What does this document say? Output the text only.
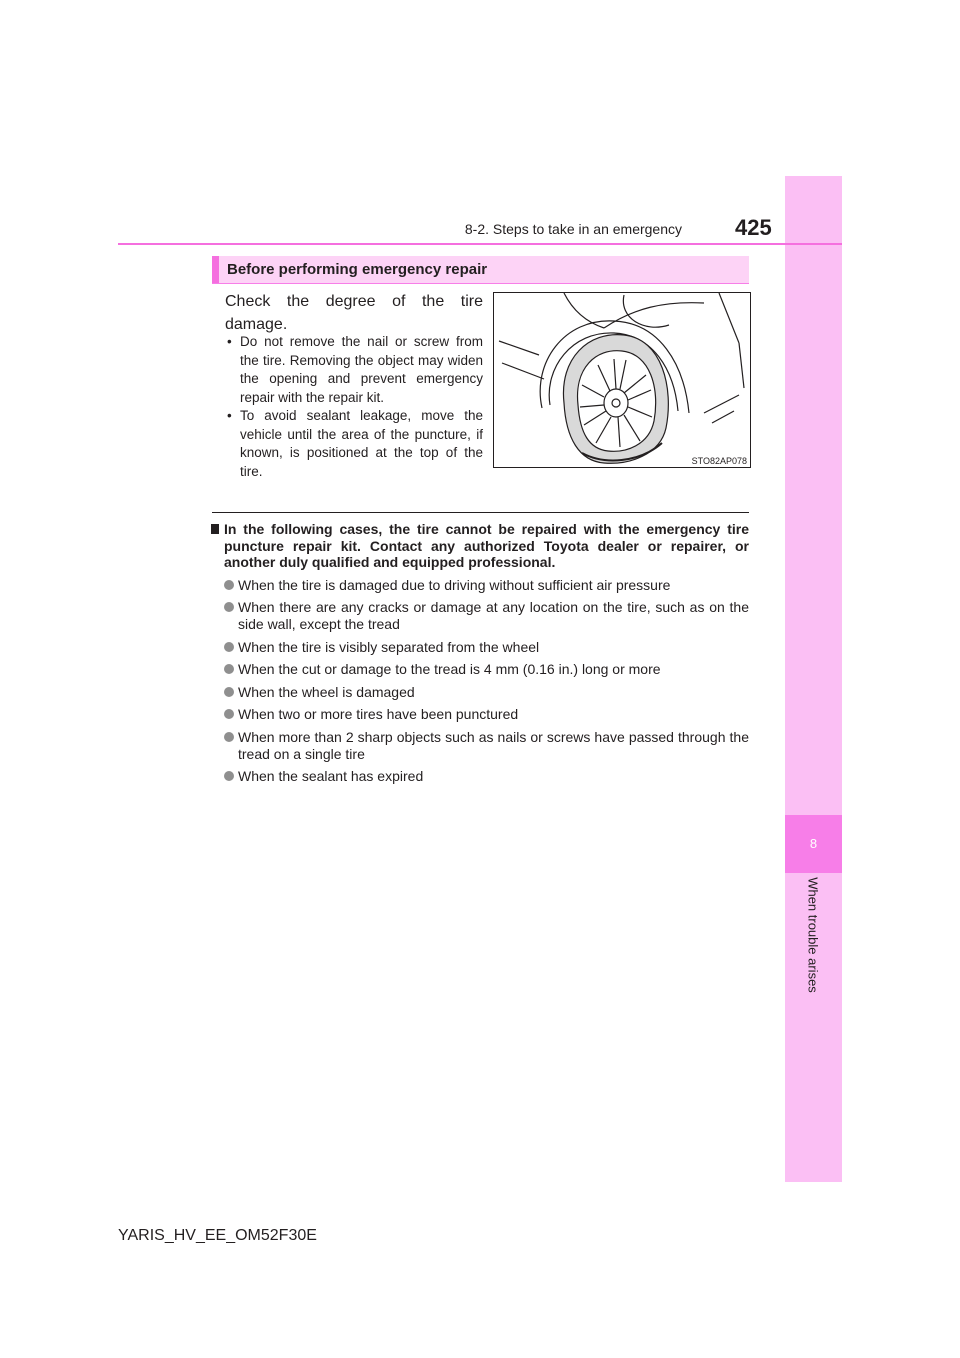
8
When trouble arises
8-2. Steps to take in an emergency 425
Before performing emergency repair
Check the degree of the tire damage.
• Do not remove the nail or screw from the tire. Removing the object may widen the opening and prevent emergency repair with the repair kit.
• To avoid sealant leakage, move the vehicle until the area of the puncture, if known, is positioned at the top of the tire.
STO82AP078
In the following cases, the tire cannot be repaired with the emergency tire puncture repair kit. Contact any authorized Toyota dealer or repairer, or another duly qualified and equipped professional.
When the tire is damaged due to driving without sufficient air pressure
When there are any cracks or damage at any location on the tire, such as on the side wall, except the tread
When the tire is visibly separated from the wheel
When the cut or damage to the tread is 4 mm (0.16 in.) long or more
When the wheel is damaged
When two or more tires have been punctured
When more than 2 sharp objects such as nails or screws have passed through the tread on a single tire
When the sealant has expired
YARIS_HV_EE_OM52F30E
